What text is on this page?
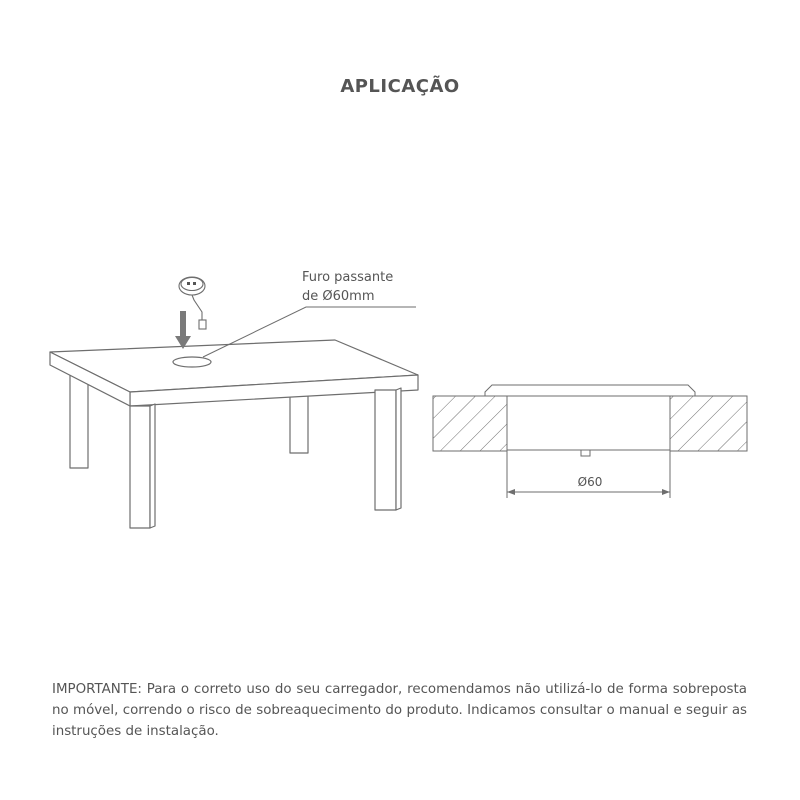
APLICAÇÃO
Furo passante
de Ø60mm
Ø60
IMPORTANTE: Para o correto uso do seu carregador, recomendamos não utilizá-lo de forma sobreposta no móvel, correndo o risco de sobreaquecimento do produto. Indicamos consultar o manual e seguir as instruções de instalação.
